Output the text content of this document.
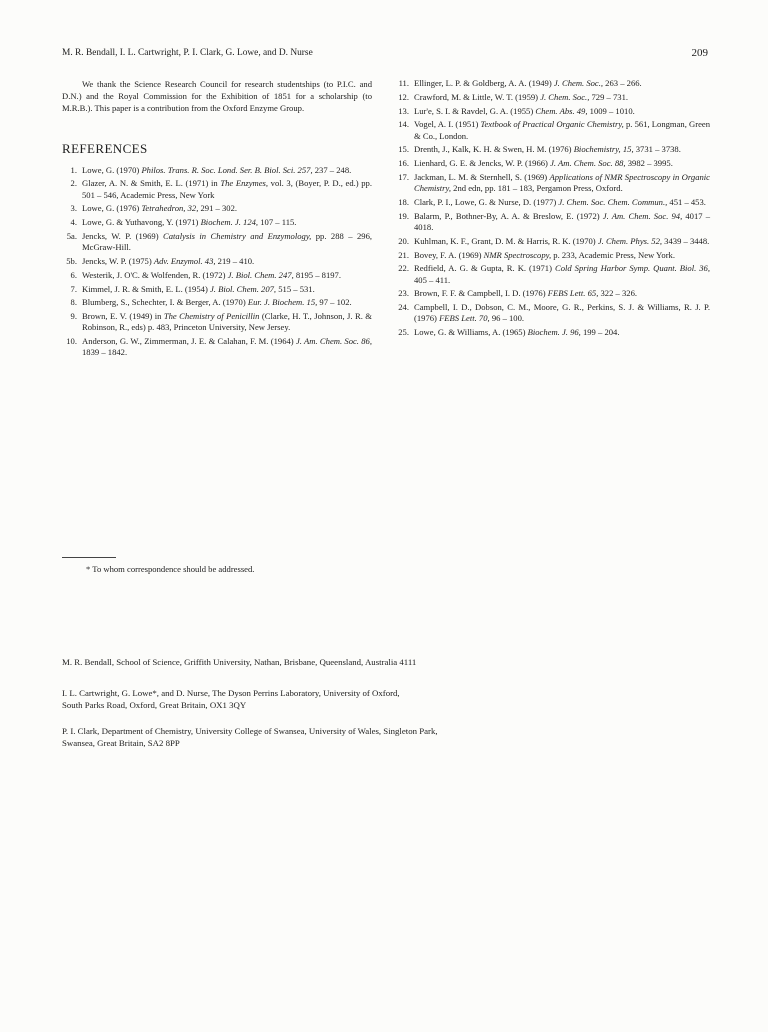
M. R. Bendall, I. L. Cartwright, P. I. Clark, G. Lowe, and D. Nurse	209

We thank the Science Research Council for research studentships (to P.I.C. and D.N.) and the Royal Commission for the Exhibition of 1851 for a scholarship (to M.R.B.). This paper is a contribution from the Oxford Enzyme Group.

REFERENCES
1. Lowe, G. (1970) Philos. Trans. R. Soc. Lond. Ser. B. Biol. Sci. 257, 237 – 248.
2. Glazer, A. N. & Smith, E. L. (1971) in The Enzymes, vol. 3, (Boyer, P. D., ed.) pp. 501 – 546, Academic Press, New York
3. Lowe, G. (1976) Tetrahedron, 32, 291 – 302.
4. Lowe, G. & Yuthavong, Y. (1971) Biochem. J. 124, 107 – 115.
5a. Jencks, W. P. (1969) Catalysis in Chemistry and Enzymology, pp. 288 – 296, McGraw-Hill.
5b. Jencks, W. P. (1975) Adv. Enzymol. 43, 219 – 410.
6. Westerik, J. O'C. & Wolfenden, R. (1972) J. Biol. Chem. 247, 8195 – 8197.
7. Kimmel, J. R. & Smith, E. L. (1954) J. Biol. Chem. 207, 515 – 531.
8. Blumberg, S., Schechter, I. & Berger, A. (1970) Eur. J. Biochem. 15, 97 – 102.
9. Brown, E. V. (1949) in The Chemistry of Penicillin (Clarke, H. T., Johnson, J. R. & Robinson, R., eds) p. 483, Princeton University, New Jersey.
10. Anderson, G. W., Zimmerman, J. E. & Calahan, F. M. (1964) J. Am. Chem. Soc. 86, 1839 – 1842.
11. Ellinger, L. P. & Goldberg, A. A. (1949) J. Chem. Soc., 263 – 266.
12. Crawford, M. & Little, W. T. (1959) J. Chem. Soc., 729 – 731.
13. Lur'e, S. I. & Ravdel, G. A. (1955) Chem. Abs. 49, 1009 – 1010.
14. Vogel, A. I. (1951) Textbook of Practical Organic Chemistry, p. 561, Longman, Green & Co., London.
15. Drenth, J., Kalk, K. H. & Swen, H. M. (1976) Biochemistry, 15, 3731 – 3738.
16. Lienhard, G. E. & Jencks, W. P. (1966) J. Am. Chem. Soc. 88, 3982 – 3995.
17. Jackman, L. M. & Sternhell, S. (1969) Applications of NMR Spectroscopy in Organic Chemistry, 2nd edn, pp. 181 – 183, Pergamon Press, Oxford.
18. Clark, P. I., Lowe, G. & Nurse, D. (1977) J. Chem. Soc. Chem. Commun., 451 – 453.
19. Balarm, P., Bothner-By, A. A. & Breslow, E. (1972) J. Am. Chem. Soc. 94, 4017 – 4018.
20. Kuhlman, K. F., Grant, D. M. & Harris, R. K. (1970) J. Chem. Phys. 52, 3439 – 3448.
21. Bovey, F. A. (1969) NMR Spectroscopy, p. 233, Academic Press, New York.
22. Redfield, A. G. & Gupta, R. K. (1971) Cold Spring Harbor Symp. Quant. Biol. 36, 405 – 411.
23. Brown, F. F. & Campbell, I. D. (1976) FEBS Lett. 65, 322 – 326.
24. Campbell, I. D., Dobson, C. M., Moore, G. R., Perkins, S. J. & Williams, R. J. P. (1976) FEBS Lett. 70, 96 – 100.
25. Lowe, G. & Williams, A. (1965) Biochem. J. 96, 199 – 204.

M. R. Bendall, School of Science, Griffith University, Nathan, Brisbane, Queensland, Australia 4111

I. L. Cartwright, G. Lowe*, and D. Nurse, The Dyson Perrins Laboratory, University of Oxford,
South Parks Road, Oxford, Great Britain, OX1 3QY
P. I. Clark, Department of Chemistry, University College of Swansea, University of Wales, Singleton Park,
Swansea, Great Britain, SA2 8PP

* To whom correspondence should be addressed.
